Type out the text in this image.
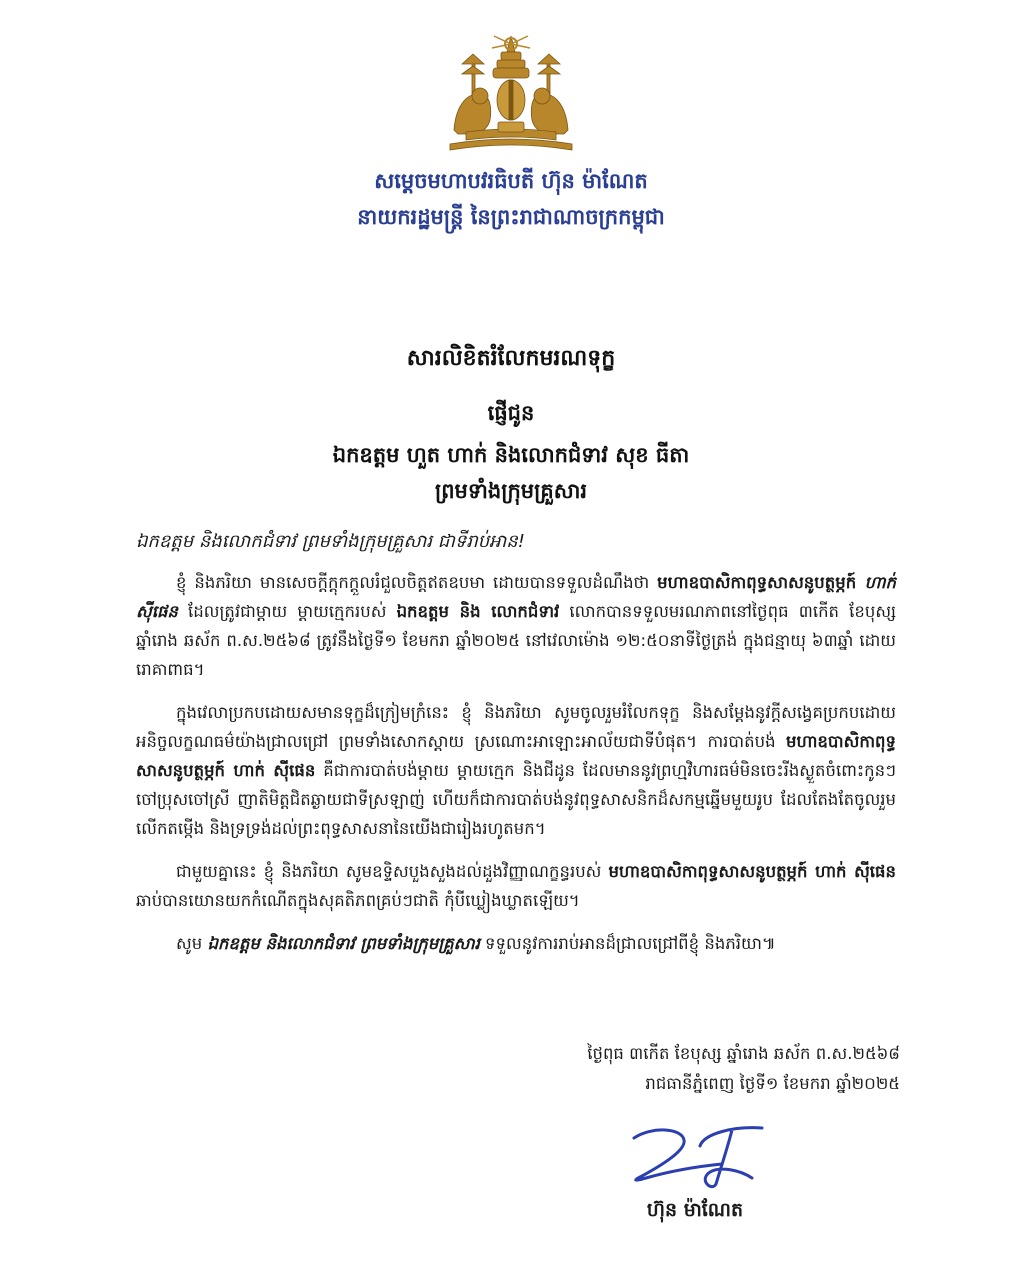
សម្តេចមហាបវរធិបតី ហ៊ុន ម៉ាណែត
នាយករដ្ឋមន្ត្រី នៃព្រះរាជាណាចក្រកម្ពុជា
សារលិខិតរំលែកមរណទុក្ខ
ផ្ញើជូន
ឯកឧត្តម ហួត ហាក់ និងលោកជំទាវ សុខ ធីតា
ព្រមទាំងក្រុមគ្រួសារ
ឯកឧត្តម និងលោកជំទាវ ព្រមទាំងក្រុមគ្រួសារ ជាទីរាប់អាន!

ខ្ញុំ និងភរិយា មានសេចក្ដីក្ដុកក្ដួលរំជួលចិត្តឥតឧបមា ដោយបានទទួលដំណឹងថា មហាឧបាសិកាពុទ្ធសាសនូបត្ថម្ភក៍ ហាក់ ស៊ីផេន ដែលត្រូវជាម្ដាយ ម្ដាយក្មេករបស់ ឯកឧត្តម និង លោកជំទាវ លោកបានទទួលមរណភាពនៅថ្ងៃពុធ ៣កើត ខែបុស្ស ឆ្នាំរោង ឆស័ក ព.ស.២៥៦៨ ត្រូវនឹងថ្ងៃទី១ ខែមករា ឆ្នាំ២០២៥ នៅវេលាម៉ោង ១២:៥០នាទីថ្ងៃត្រង់ ក្នុងជន្មាយុ ៦៣ឆ្នាំ ដោយរោគាពាធ។

ក្នុងវេលាប្រកបដោយសមានទុក្ខដ៏ក្រៀមក្រំនេះ ខ្ញុំ និងភរិយា សូមចូលរួមរំលែកទុក្ខ និងសម្ដែងនូវក្ដីសង្វេគប្រកបដោយអនិច្ចលក្ខណធម៌យ៉ាងជ្រាលជ្រៅ ព្រមទាំងសោកស្ដាយ ស្រណោះអាឡោះអាល័យជាទីបំផុត។ ការបាត់បង់ មហាឧបាសិកាពុទ្ធសាសនូបត្ថម្ភក៍ ហាក់ ស៊ីផេន គឺជាការបាត់បង់ម្ដាយ ម្ដាយក្មេក និងជីដូន ដែលមាននូវព្រហ្មវិហារធម៌មិនចេះរីងស្ងួតចំពោះកូនៗ ចៅប្រុសចៅស្រី ញាតិមិត្តជិតឆ្ងាយជាទីស្រឡាញ់ ហើយក៏ជាការបាត់បង់នូវពុទ្ធសាសនិកដ៏សកម្មឆ្នើមមួយរូប ដែលតែងតែចូលរួមលើកតម្កើង និងទ្រទ្រង់ដល់ព្រះពុទ្ធសាសនានៃយើងជារៀងរហូតមក។

ជាមួយគ្នានេះ ខ្ញុំ និងភរិយា សូមឧទ្ទិសបួងសួងដល់ដួងវិញ្ញាណក្ខន្ធរបស់ មហាឧបាសិកាពុទ្ធសាសនូបត្ថម្ភក៍ ហាក់ ស៊ីផេន ឆាប់បានយោនយកកំណើតក្នុងសុគតិភពគ្រប់ៗជាតិ កុំបីឃ្លៀងឃ្លាតឡើយ។

សូម ឯកឧត្តម និងលោកជំទាវ ព្រមទាំងក្រុមគ្រួសារ ទទួលនូវការរាប់អានដ៏ជ្រាលជ្រៅពីខ្ញុំ និងភរិយា៕

ថ្ងៃពុធ ៣កើត ខែបុស្ស ឆ្នាំរោង ឆស័ក ព.ស.២៥៦៨
រាជធានីភ្នំពេញ ថ្ងៃទី១ ខែមករា ឆ្នាំ២០២៥
ហ៊ុន ម៉ាណែត
